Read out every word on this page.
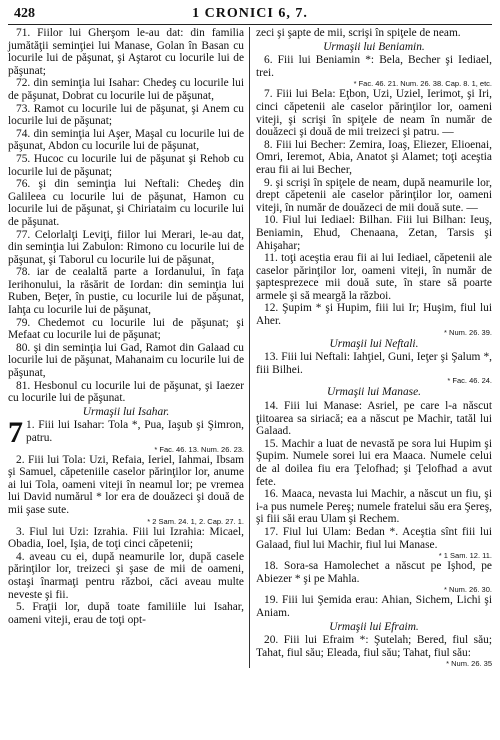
428	1 CRONICI 6, 7.

71. Fiilor lui Gherşom le-au dat: din familia jumătăţii seminţiei lui Manase, Golan în Basan cu locurile lui de păşunat, şi Aştarot cu locurile lui de păşunat;

72. din seminţia lui Isahar: Chedeş cu locurile lui de păşunat, Dobrat cu locurile lui de păşunat,

73. Ramot cu locurile lui de păşunat, şi Anem cu locurile lui de păşunat;

74. din seminţia lui Aşer, Maşal cu locurile lui de păşunat, Abdon cu locurile lui de păşunat,

75. Hucoc cu locurile lui de păşunat şi Rehob cu locurile lui de păşunat;

76. şi din seminţia lui Neftali: Chedeş din Galileea cu locurile lui de păşunat, Hamon cu locurile lui de păşunat, şi Chiriataim cu locurile lui de păşunat.

77. Celorlalţi Leviţi, fiilor lui Merari, le-au dat, din seminţia lui Zabulon: Rimono cu locurile lui de păşunat, şi Taborul cu locurile lui de păşunat,

78. iar de cealaltă parte a Iordanului, în faţa Ierihonului, la răsărit de Iordan: din seminţia lui Ruben, Beţer, în pustie, cu locurile lui de păşunat, Iahţa cu locurile lui de păşunat,

79. Chedemot cu locurile lui de păşunat; şi Mefaat cu locurile lui de păşunat;

80. şi din seminţia lui Gad, Ramot din Galaad cu locurile lui de păşunat, Mahanaim cu locurile lui de păşunat,

81. Hesbonul cu locurile lui de păşunat, şi Iaezer cu locurile lui de păşunat.

Urmaşii lui Isahar.

7 1. Fiii lui Isahar: Tola *, Pua, Iaşub şi Şimron, patru.

* Fac. 46. 13. Num. 26. 23.

2. Fiii lui Tola: Uzi, Refaia, Ieriel, Iahmai, Ibsam şi Samuel, căpeteniile caselor părinţilor lor, anume ai lui Tola, oameni viteji în neamul lor; pe vremea lui David numărul * lor era de douăzeci şi două de mii şase sute.

* 2 Sam. 24. 1, 2. Cap. 27. 1.

3. Fiul lui Uzi: Izrahia. Fiii lui Izrahia: Micael, Obadia, Ioel, Işia, de toţi cinci căpetenii;

4. aveau cu ei, după neamurile lor, după casele părinţilor lor, treizeci şi şase de mii de oameni, ostaşi înarmaţi pentru război, căci aveau multe neveste şi fii.

5. Fraţii lor, după toate familiile lui Isahar, oameni viteji, erau de toţi opt-

zeci şi şapte de mii, scrişi în spiţele de neam.

Urmaşii lui Beniamin.

6. Fiii lui Beniamin *: Bela, Becher şi Iediael, trei.

* Fac. 46. 21. Num. 26. 38. Cap. 8. 1, etc.

7. Fiii lui Bela: Eţbon, Uzi, Uziel, Ierimot, şi Iri, cinci căpetenii ale caselor părinţilor lor, oameni viteji, şi scrişi în spiţele de neam în număr de douăzeci şi două de mii treizeci şi patru. —

8. Fiii lui Becher: Zemira, Ioaş, Eliezer, Elioenai, Omri, Ieremot, Abia, Anatot şi Alamet; toţi aceştia erau fii ai lui Becher,

9. şi scrişi în spiţele de neam, după neamurile lor, drept căpetenii ale caselor părinţilor lor, oameni viteji, în număr de douăzeci de mii două sute. —

10. Fiul lui Iediael: Bilhan. Fiii lui Bilhan: Ieuş, Beniamin, Ehud, Chenaana, Zetan, Tarsis şi Ahişahar;

11. toţi aceştia erau fii ai lui Iediael, căpetenii ale caselor părinţilor lor, oameni viteji, în număr de şaptesprezece mii două sute, în stare să poarte armele şi să meargă la război.

12. Şupim * şi Hupim, fiii lui Ir; Huşim, fiul lui Aher.

* Num. 26. 39.
Urmaşii lui Neftali.

13. Fiii lui Neftali: Iahţiel, Guni, Ieţer şi Şalum *, fiii Bilhei.

* Fac. 46. 24.
Urmaşii lui Manase.

14. Fiii lui Manase: Asriel, pe care l-a născut ţiitoarea sa siriacă; ea a născut pe Machir, tatăl lui Galaad.

15. Machir a luat de nevastă pe sora lui Hupim şi Şupim. Numele sorei lui era Maaca. Numele celui de al doilea fiu era Ţelofhad; şi Ţelofhad a avut fete.

16. Maaca, nevasta lui Machir, a născut un fiu, şi i-a pus numele Pereş; numele fratelui său era Şereş, şi fiii săi erau Ulam şi Rechem.

17. Fiul lui Ulam: Bedan *. Aceştia sînt fiii lui Galaad, fiul lui Machir, fiul lui Manase.

* 1 Sam. 12. 11.

18. Sora-sa Hamolechet a născut pe Işhod, pe Abiezer * şi pe Mahla.

* Num. 26. 30.

19. Fiii lui Şemida erau: Ahian, Sichem, Lichi şi Aniam.

Urmaşii lui Efraim.

20. Fiii lui Efraim *: Şutelah; Bered, fiul său; Tahat, fiul său; Eleada, fiul său; Tahat, fiul său:

* Num. 26. 35
